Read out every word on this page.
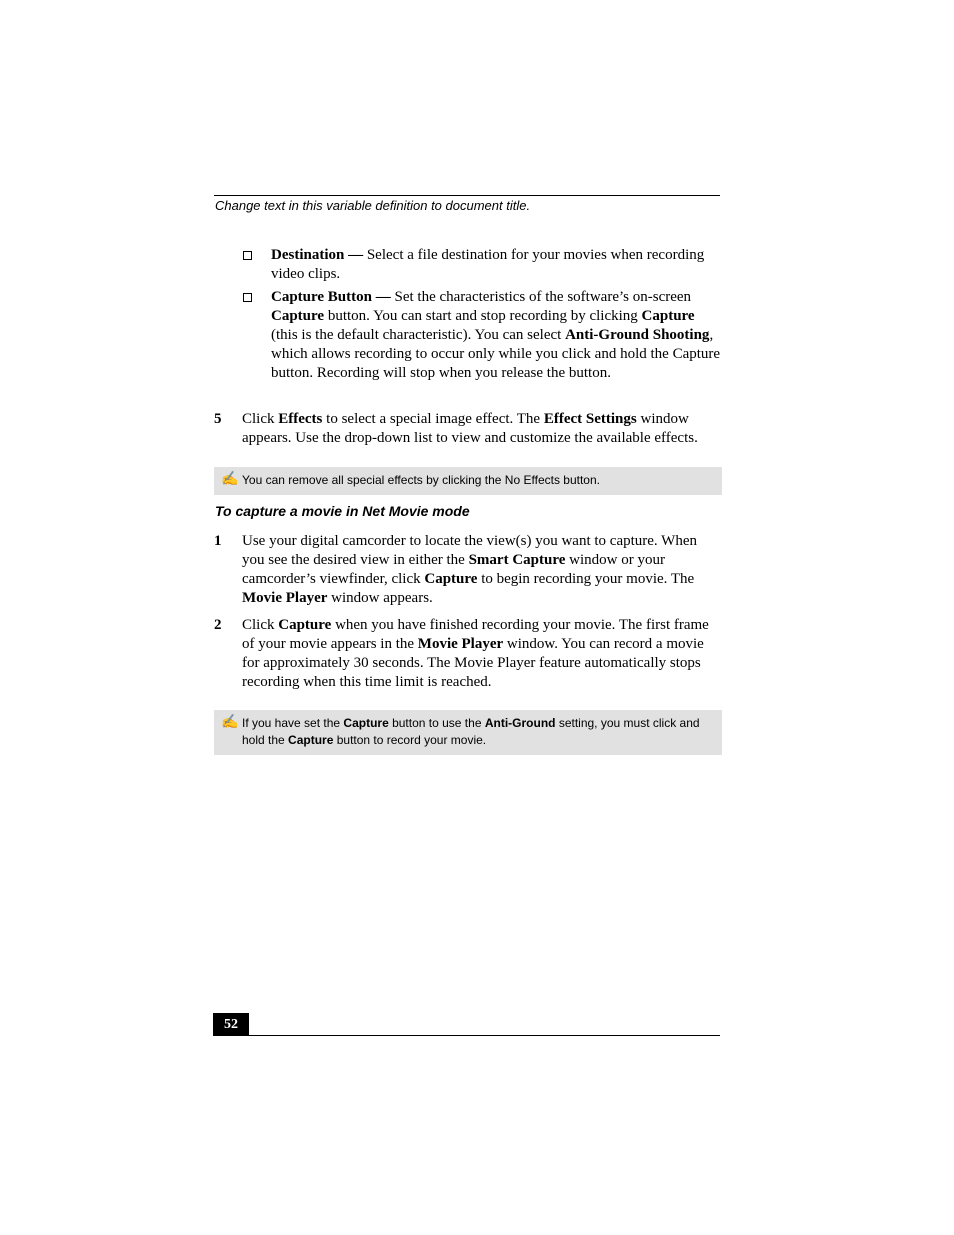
Change text in this variable definition to document title.
Destination — Select a file destination for your movies when recording video clips.
Capture Button — Set the characteristics of the software’s on-screen Capture button. You can start and stop recording by clicking Capture (this is the default characteristic). You can select Anti-Ground Shooting, which allows recording to occur only while you click and hold the Capture button. Recording will stop when you release the button.
5 Click Effects to select a special image effect. The Effect Settings window appears. Use the drop-down list to view and customize the available effects.
✍ You can remove all special effects by clicking the No Effects button.
To capture a movie in Net Movie mode
1 Use your digital camcorder to locate the view(s) you want to capture. When you see the desired view in either the Smart Capture window or your camcorder’s viewfinder, click Capture to begin recording your movie. The Movie Player window appears.
2 Click Capture when you have finished recording your movie. The first frame of your movie appears in the Movie Player window. You can record a movie for approximately 30 seconds. The Movie Player feature automatically stops recording when this time limit is reached.
✍ If you have set the Capture button to use the Anti-Ground setting, you must click and hold the Capture button to record your movie.
52
